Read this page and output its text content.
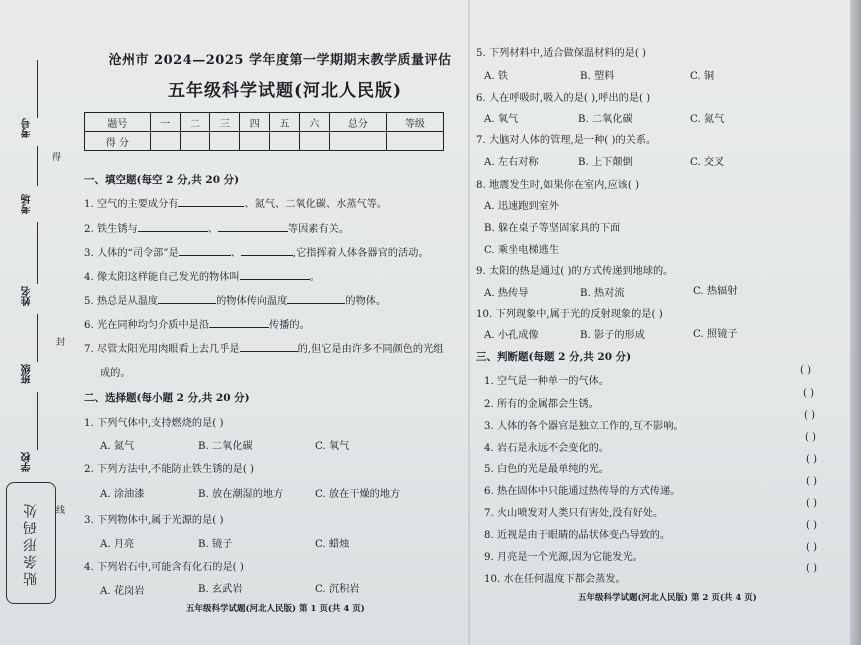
考号
考场
姓名
班级
学校
得
封
线
贴条形码处
沧州市 2024—2025 学年度第一学期期末教学质量评估
五年级科学试题(河北人民版)
题号	一	二	三	四	五	六	总分	等级
得 分								
一、填空题(每空 2 分,共 20 分)
1. 空气的主要成分有	、氮气、二氧化碳、水蒸气等。
2. 铁生锈与	、	等因素有关。
3. 人体的“司令部”是	、	,它指挥着人体各器官的活动。
4. 像太阳这样能自己发光的物体叫	。
5. 热总是从温度	的物体传向温度	的物体。
6. 光在同种均匀介质中是沿	传播的。
7. 尽管太阳光用肉眼看上去几乎是	的,但它是由许多不同颜色的光组
成的。
二、选择题(每小题 2 分,共 20 分)
1. 下列气体中,支持燃烧的是( )
A. 氮气	B. 二氧化碳	C. 氧气
2. 下列方法中,不能防止铁生锈的是( )
A. 涂油漆	B. 放在潮湿的地方	C. 放在干燥的地方
3. 下列物体中,属于光源的是( )
A. 月亮	B. 镜子	C. 蜡烛
4. 下列岩石中,可能含有化石的是( )
A. 花岗岩	B. 玄武岩	C. 沉积岩
五年级科学试题(河北人民版) 第 1 页(共 4 页)
5. 下列材料中,适合做保温材料的是( )
A. 铁	B. 塑料	C. 铜
6. 人在呼吸时,吸入的是( ),呼出的是( )
A. 氧气	B. 二氧化碳	C. 氮气
7. 大脑对人体的管理,是一种( )的关系。
A. 左右对称	B. 上下颠倒	C. 交叉
8. 地震发生时,如果你在室内,应该( )
A. 迅速跑到室外
B. 躲在桌子等坚固家具的下面
C. 乘坐电梯逃生
9. 太阳的热是通过( )的方式传递到地球的。
A. 热传导	B. 热对流	C. 热辐射
10. 下列现象中,属于光的反射现象的是( )
A. 小孔成像	B. 影子的形成	C. 照镜子
三、判断题(每题 2 分,共 20 分)
1. 空气是一种单一的气体。
( )
2. 所有的金属都会生锈。
( )
3. 人体的各个器官是独立工作的,互不影响。
( )
4. 岩石是永远不会变化的。
( )
5. 白色的光是最单纯的光。
( )
6. 热在固体中只能通过热传导的方式传递。
( )
7. 火山喷发对人类只有害处,没有好处。
( )
8. 近视是由于眼睛的晶状体变凸导致的。
( )
9. 月亮是一个光源,因为它能发光。
( )
10. 水在任何温度下都会蒸发。
( )
五年级科学试题(河北人民版) 第 2 页(共 4 页)
